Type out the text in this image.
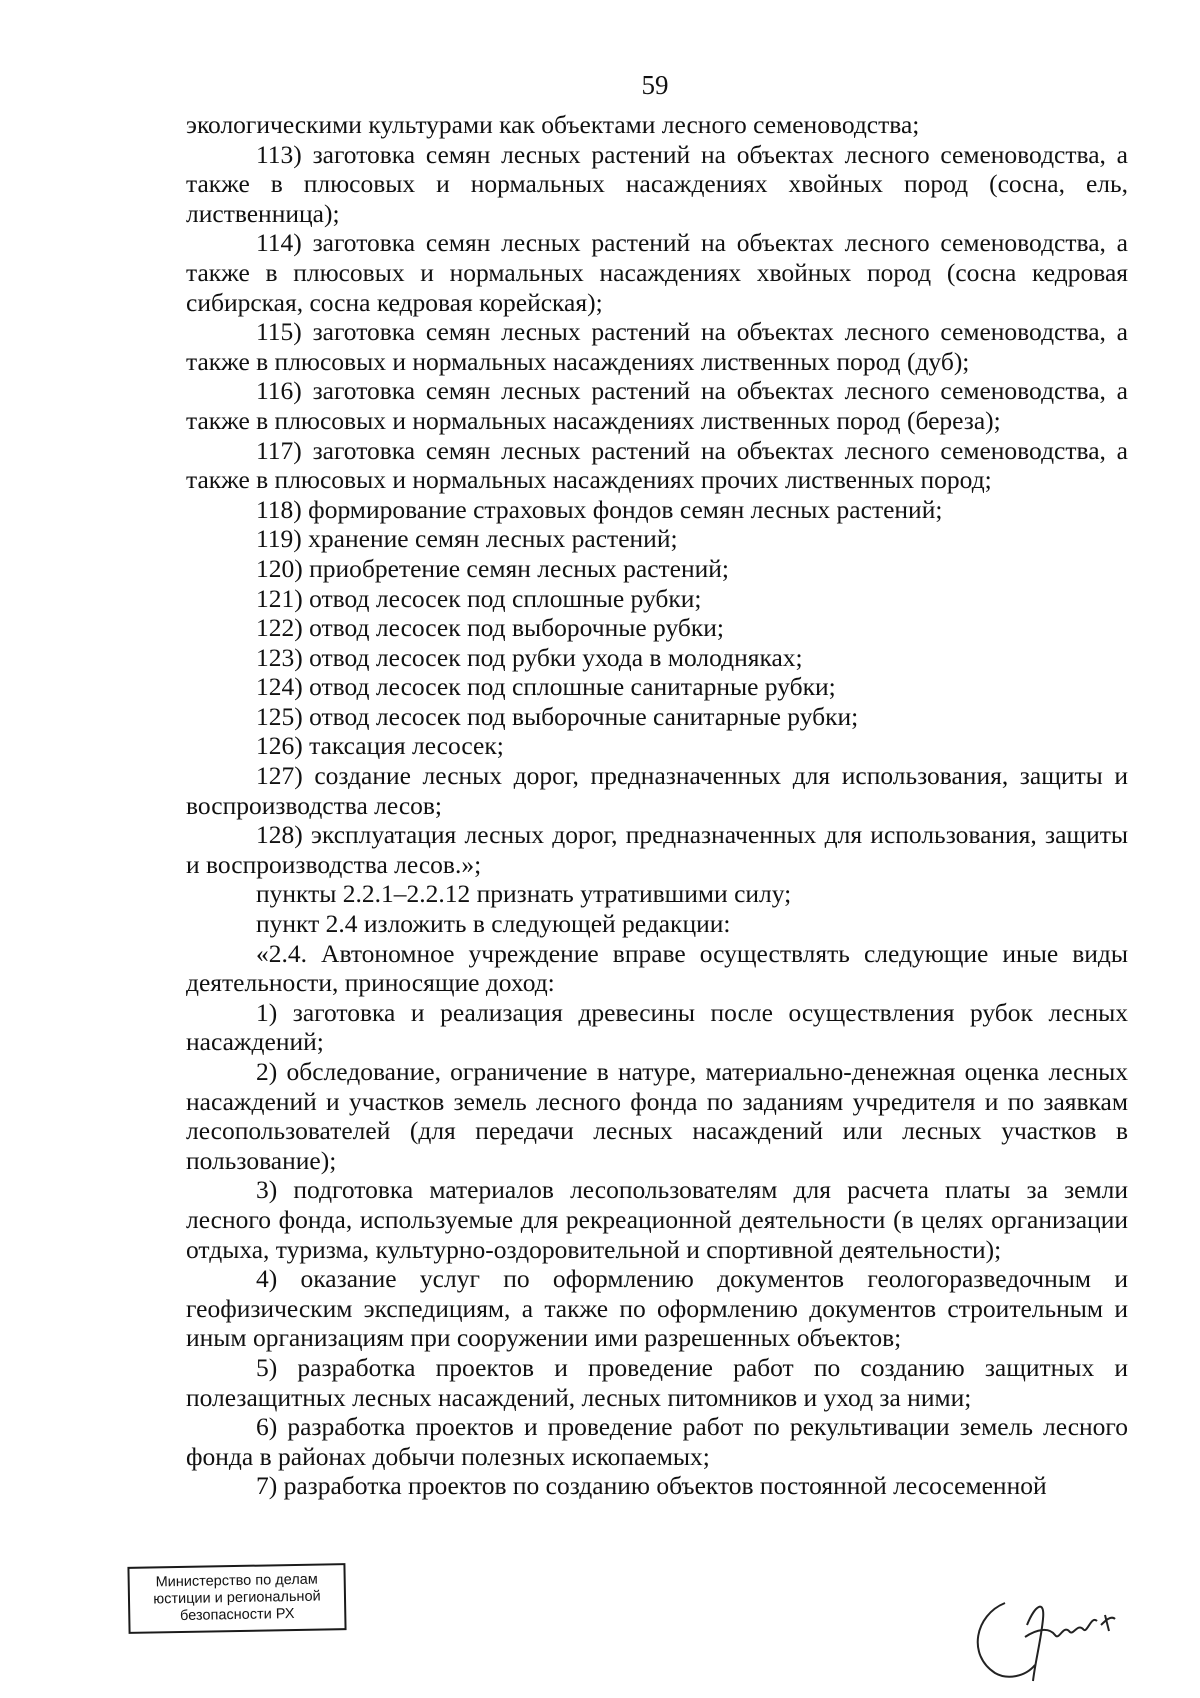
59

экологическими культурами как объектами лесного семеноводства;

113) заготовка семян лесных растений на объектах лесного семеноводства, а также в плюсовых и нормальных насаждениях хвойных пород (сосна, ель, лиственница);

114) заготовка семян лесных растений на объектах лесного семеноводства, а также в плюсовых и нормальных насаждениях хвойных пород (сосна кедровая сибирская, сосна кедровая корейская);

115) заготовка семян лесных растений на объектах лесного семеноводства, а также в плюсовых и нормальных насаждениях лиственных пород (дуб);

116) заготовка семян лесных растений на объектах лесного семеноводства, а также в плюсовых и нормальных насаждениях лиственных пород (береза);

117) заготовка семян лесных растений на объектах лесного семеноводства, а также в плюсовых и нормальных насаждениях прочих лиственных пород;

118) формирование страховых фондов семян лесных растений;

119) хранение семян лесных растений;

120) приобретение семян лесных растений;

121) отвод лесосек под сплошные рубки;

122) отвод лесосек под выборочные рубки;

123) отвод лесосек под рубки ухода в молодняках;

124) отвод лесосек под сплошные санитарные рубки;

125) отвод лесосек под выборочные санитарные рубки;

126) таксация лесосек;

127) создание лесных дорог, предназначенных для использования, защиты и воспроизводства лесов;

128) эксплуатация лесных дорог, предназначенных для использования, защиты и воспроизводства лесов.»;

пункты 2.2.1–2.2.12 признать утратившими силу;

пункт 2.4 изложить в следующей редакции:

«2.4. Автономное учреждение вправе осуществлять следующие иные виды деятельности, приносящие доход:

1) заготовка и реализация древесины после осуществления рубок лесных насаждений;

2) обследование, ограничение в натуре, материально-денежная оценка лесных насаждений и участков земель лесного фонда по заданиям учредителя и по заявкам лесопользователей (для передачи лесных насаждений или лесных участков в пользование);

3) подготовка материалов лесопользователям для расчета платы за земли лесного фонда, используемые для рекреационной деятельности (в целях организации отдыха, туризма, культурно-оздоровительной и спортивной деятельности);

4) оказание услуг по оформлению документов геологоразведочным и геофизическим экспедициям, а также по оформлению документов строительным и иным организациям при сооружении ими разрешенных объектов;

5) разработка проектов и проведение работ по созданию защитных и полезащитных лесных насаждений, лесных питомников и уход за ними;

6) разработка проектов и проведение работ по рекультивации земель лесного фонда в районах добычи полезных ископаемых;

7) разработка проектов по созданию объектов постоянной лесосеменной

Министерство по делам
юстиции и региональной
безопасности РХ
